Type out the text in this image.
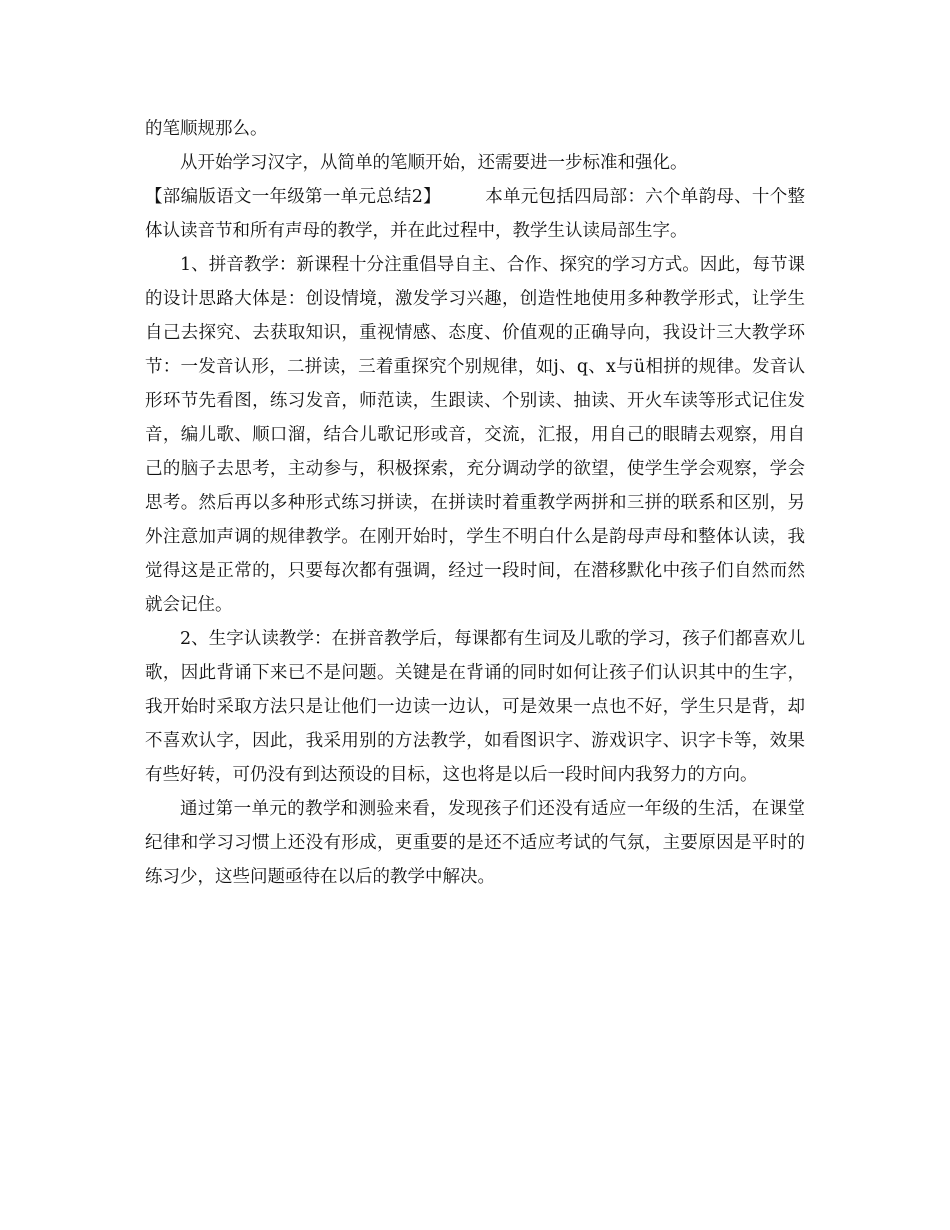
的笔顺规那么。

从开始学习汉字，从简单的笔顺开始，还需要进一步标准和强化。

【部编版语文一年级第一单元总结2】	本单元包括四局部：六个单韵母、十个整体认读音节和所有声母的教学，并在此过程中，教学生认读局部生字。

1、拼音教学：新课程十分注重倡导自主、合作、探究的学习方式。因此，每节课的设计思路大体是：创设情境，激发学习兴趣，创造性地使用多种教学形式，让学生自己去探究、去获取知识，重视情感、态度、价值观的正确导向，我设计三大教学环节：一发音认形，二拼读，三着重探究个别规律，如j、q、x与ü相拼的规律。发音认形环节先看图，练习发音，师范读，生跟读、个别读、抽读、开火车读等形式记住发音，编儿歌、顺口溜，结合儿歌记形或音，交流，汇报，用自己的眼睛去观察，用自己的脑子去思考，主动参与，积极探索，充分调动学的欲望，使学生学会观察，学会思考。然后再以多种形式练习拼读，在拼读时着重教学两拼和三拼的联系和区别，另外注意加声调的规律教学。在刚开始时，学生不明白什么是韵母声母和整体认读，我觉得这是正常的，只要每次都有强调，经过一段时间，在潜移默化中孩子们自然而然就会记住。

2、生字认读教学：在拼音教学后，每课都有生词及儿歌的学习，孩子们都喜欢儿歌，因此背诵下来已不是问题。关键是在背诵的同时如何让孩子们认识其中的生字，我开始时采取方法只是让他们一边读一边认，可是效果一点也不好，学生只是背，却不喜欢认字，因此，我采用别的方法教学，如看图识字、游戏识字、识字卡等，效果有些好转，可仍没有到达预设的目标，这也将是以后一段时间内我努力的方向。

通过第一单元的教学和测验来看，发现孩子们还没有适应一年级的生活，在课堂纪律和学习习惯上还没有形成，更重要的是还不适应考试的气氛，主要原因是平时的练习少，这些问题亟待在以后的教学中解决。
